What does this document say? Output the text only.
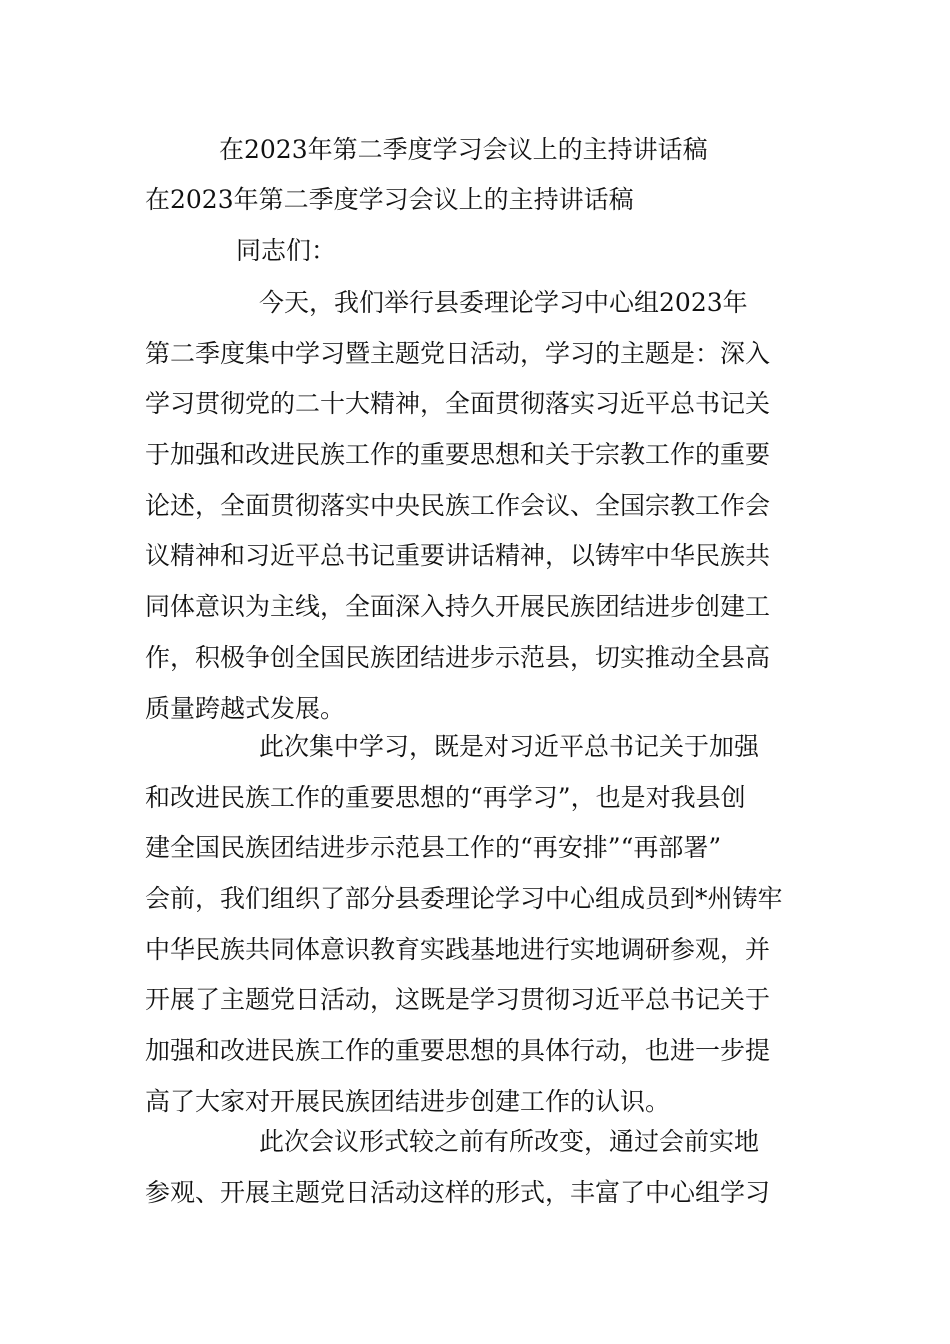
在2023年第二季度学习会议上的主持讲话稿
在2023年第二季度学习会议上的主持讲话稿
同志们：
今天，我们举行县委理论学习中心组2023年
第二季度集中学习暨主题党日活动，学习的主题是：深入
学习贯彻党的二十大精神，全面贯彻落实习近平总书记关
于加强和改进民族工作的重要思想和关于宗教工作的重要
论述，全面贯彻落实中央民族工作会议、全国宗教工作会
议精神和习近平总书记重要讲话精神，以铸牢中华民族共
同体意识为主线，全面深入持久开展民族团结进步创建工
作，积极争创全国民族团结进步示范县，切实推动全县高
质量跨越式发展。
此次集中学习，既是对习近平总书记关于加强
和改进民族工作的重要思想的“再学习”，也是对我县创
建全国民族团结进步示范县工作的“再安排”“再部署”
会前，我们组织了部分县委理论学习中心组成员到*州铸牢
中华民族共同体意识教育实践基地进行实地调研参观，并
开展了主题党日活动，这既是学习贯彻习近平总书记关于
加强和改进民族工作的重要思想的具体行动，也进一步提
高了大家对开展民族团结进步创建工作的认识。
此次会议形式较之前有所改变，通过会前实地
参观、开展主题党日活动这样的形式，丰富了中心组学习
